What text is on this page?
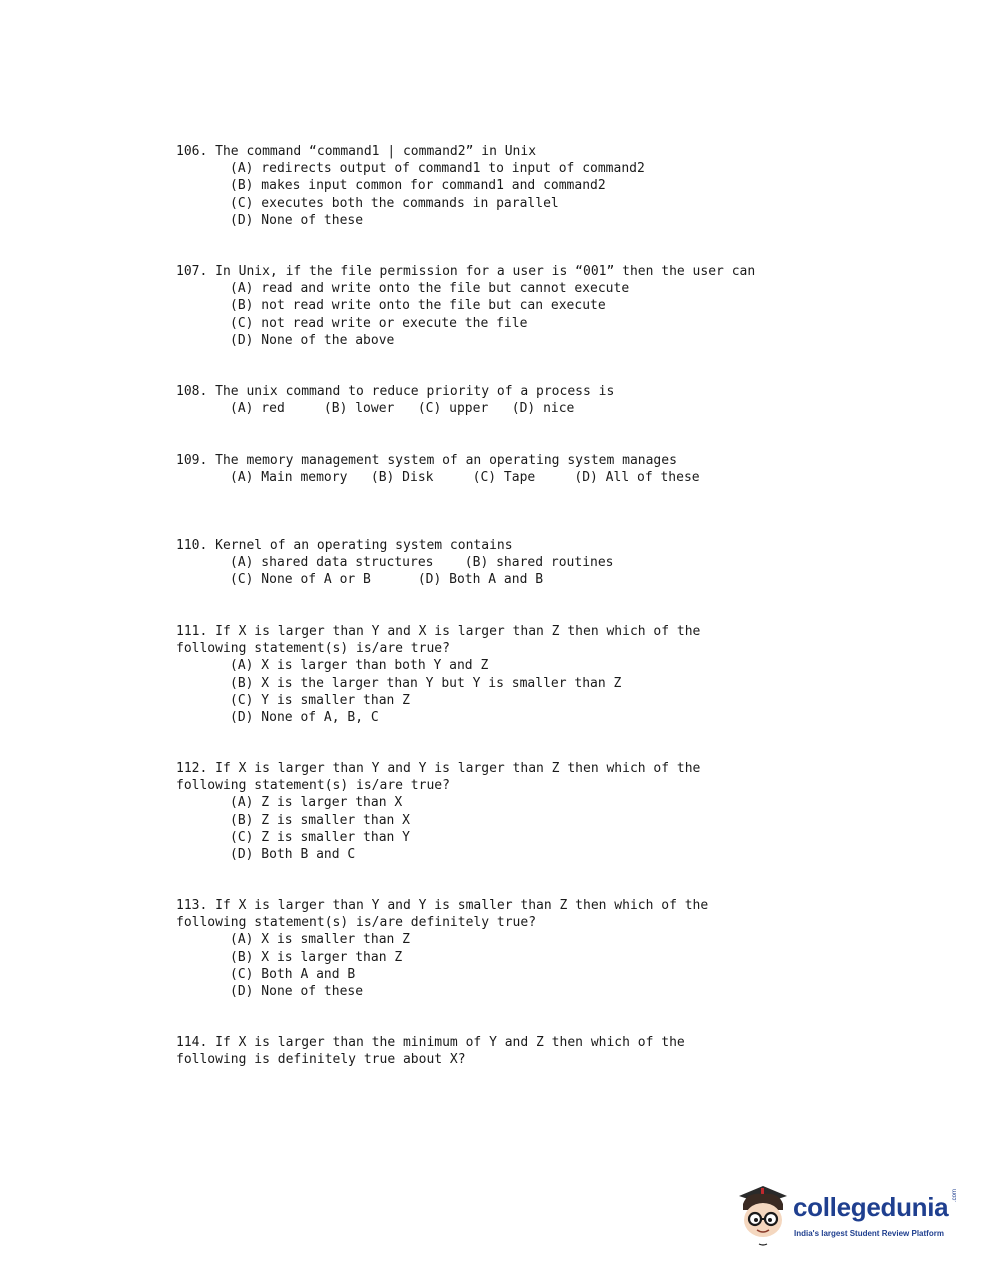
106. The command “command1 | command2” in Unix
(A) redirects output of command1 to input of command2
(B) makes input common for command1 and command2
(C) executes both the commands in parallel
(D) None of these
107. In Unix, if the file permission for a user is “001” then the user can
(A) read and write onto the file but cannot execute
(B) not read write onto the file but can execute
(C) not read write or execute the file
(D) None of the above
108. The unix command to reduce priority of a process is
(A) red     (B) lower   (C) upper   (D) nice
109. The memory management system of an operating system manages
(A) Main memory   (B) Disk     (C) Tape     (D) All of these
110. Kernel of an operating system contains
(A) shared data structures    (B) shared routines
(C) None of A or B      (D) Both A and B
111. If X is larger than Y and X is larger than Z then which of the
following statement(s) is/are true?
(A) X is larger than both Y and Z
(B) X is the larger than Y but Y is smaller than Z
(C) Y is smaller than Z
(D) None of A, B, C
112. If X is larger than Y and Y is larger than Z then which of the
following statement(s) is/are true?
(A) Z is larger than X
(B) Z is smaller than X
(C) Z is smaller than Y
(D) Both B and C
113. If X is larger than Y and Y is smaller than Z then which of the
following statement(s) is/are definitely true?
(A) X is smaller than Z
(B) X is larger than Z
(C) Both A and B
(D) None of these
114. If X is larger than the minimum of Y and Z then which of the
following is definitely true about X?
collegedunia .com
India's largest Student Review Platform
